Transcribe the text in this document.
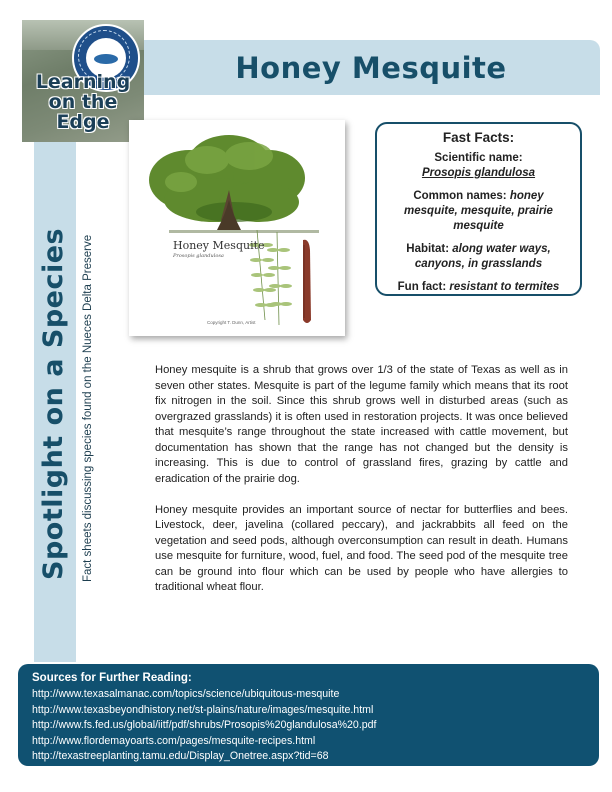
Honey Mesquite
Spotlight on a Species Fact sheets discussing species found on the Nueces Delta Preserve
Learning
on the
Edge
Honey Mesquite
Prosopis glandulosa
Copyright T. Dunn, Artist
Fast Facts:
Scientific name:
Prosopis glandulosa
Common names: honey mesquite, mesquite, prairie mesquite
Habitat: along water ways, canyons, in grasslands
Fun fact: resistant to termites

Honey mesquite is a shrub that grows over 1/3 of the state of Texas as well as in seven other states. Mesquite is part of the legume family which means that its root fix nitrogen in the soil. Since this shrub grows well in disturbed areas (such as overgrazed grasslands) it is often used in restoration projects. It was once believed that mesquite’s range throughout the state increased with cattle movement, but documentation has shown that the range has not changed but the density is increasing. This is due to control of grassland fires, grazing by cattle and eradication of the prairie dog.

Honey mesquite provides an important source of nectar for butterflies and bees. Livestock, deer, javelina (collared peccary), and jackrabbits all feed on the vegetation and seed pods, although overconsumption can result in death. Humans use mesquite for furniture, wood, fuel, and food. The seed pod of the mesquite tree can be ground into flour which can be used by people who have allergies to traditional wheat flour.

Sources for Further Reading:
http://www.texasalmanac.com/topics/science/ubiquitous-mesquite
http://www.texasbeyondhistory.net/st-plains/nature/images/mesquite.html
http://www.fs.fed.us/global/iitf/pdf/shrubs/Prosopis%20glandulosa%20.pdf
http://www.flordemayoarts.com/pages/mesquite-recipes.html
http://texastreeplanting.tamu.edu/Display_Onetree.aspx?tid=68
